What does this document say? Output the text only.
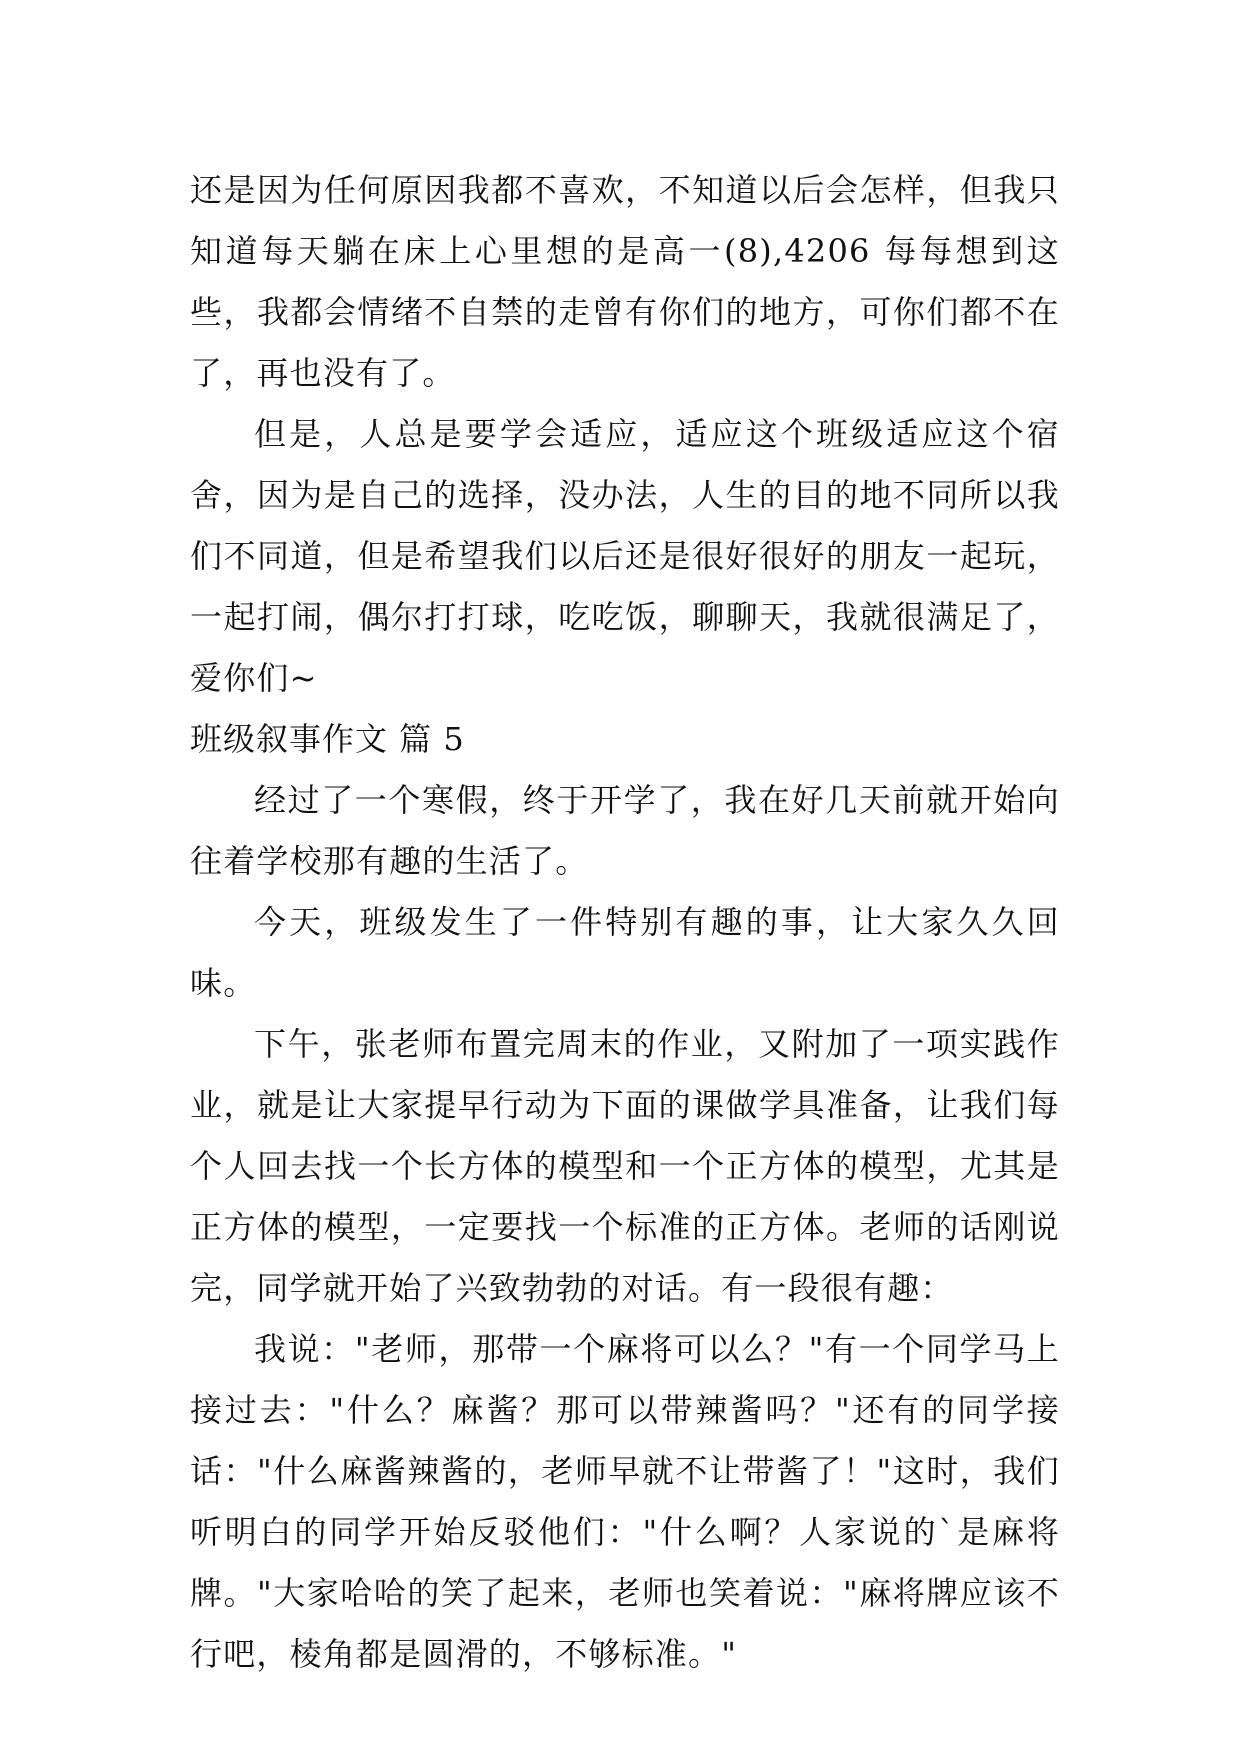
还是因为任何原因我都不喜欢，不知道以后会怎样，但我只知道每天躺在床上心里想的是高一(8),4206 每每想到这些，我都会情绪不自禁的走曾有你们的地方，可你们都不在了，再也没有了。

但是，人总是要学会适应，适应这个班级适应这个宿舍，因为是自己的选择，没办法，人生的目的地不同所以我们不同道，但是希望我们以后还是很好很好的朋友一起玩，一起打闹，偶尔打打球，吃吃饭，聊聊天，我就很满足了，爱你们~

班级叙事作文 篇 5

经过了一个寒假，终于开学了，我在好几天前就开始向往着学校那有趣的生活了。

今天，班级发生了一件特别有趣的事，让大家久久回味。

下午，张老师布置完周末的作业，又附加了一项实践作业，就是让大家提早行动为下面的课做学具准备，让我们每个人回去找一个长方体的模型和一个正方体的模型，尤其是正方体的模型，一定要找一个标准的正方体。老师的话刚说完，同学就开始了兴致勃勃的对话。有一段很有趣：

我说："老师，那带一个麻将可以么？"有一个同学马上接过去："什么？麻酱？那可以带辣酱吗？"还有的同学接话："什么麻酱辣酱的，老师早就不让带酱了！"这时，我们听明白的同学开始反驳他们："什么啊？人家说的`是麻将牌。"大家哈哈的笑了起来，老师也笑着说："麻将牌应该不行吧，棱角都是圆滑的，不够标准。"
